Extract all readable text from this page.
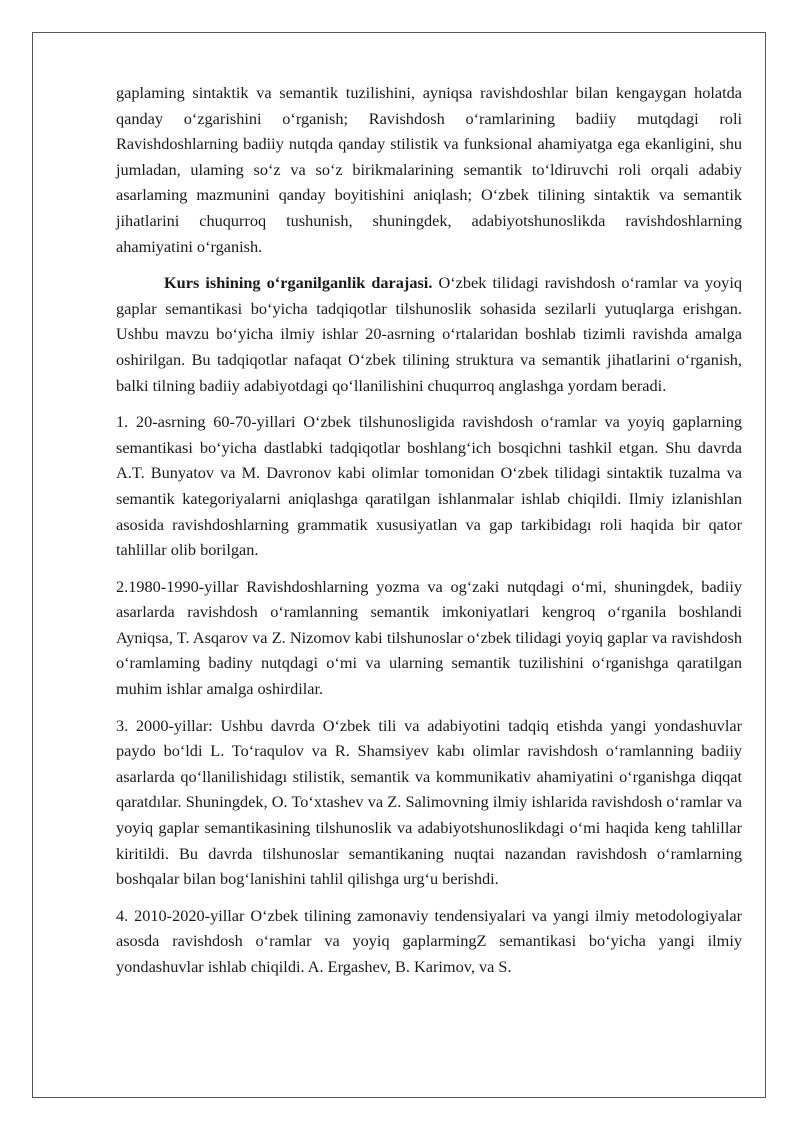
gaplaming sintaktik va semantik tuzilishini, ayniqsa ravishdoshlar bilan kengaygan holatda qanday o‘zgarishini o‘rganish; Ravishdosh o‘ramlarining badiiy mutqdagi roli Ravishdoshlarning badiiy nutqda qanday stilistik va funksional ahamiyatga ega ekanligini, shu jumladan, ulaming so‘z va so‘z birikmalarining semantik to‘ldiruvchi roli orqali adabiy asarlaming mazmunini qanday boyitishini aniqlash; O‘zbek tilining sintaktik va semantik jihatlarini chuqurroq tushunish, shuningdek, adabiyotshunoslikda ravishdoshlarning ahamiyatini o‘rganish.

Kurs ishining o‘rganilganlik darajasi. O‘zbek tilidagi ravishdosh o‘ramlar va yoyiq gaplar semantikasi bo‘yicha tadqiqotlar tilshunoslik sohasida sezilarli yutuqlarga erishgan. Ushbu mavzu bo‘yicha ilmiy ishlar 20-asrning o‘rtalaridan boshlab tizimli ravishda amalga oshirilgan. Bu tadqiqotlar nafaqat O‘zbek tilining struktura va semantik jihatlarini o‘rganish, balki tilning badiiy adabiyotdagi qo‘llanilishini chuqurroq anglashga yordam beradi.

1. 20-asrning 60-70-yillari O‘zbek tilshunosligida ravishdosh o‘ramlar va yoyiq gaplarning semantikasi bo‘yicha dastlabki tadqiqotlar boshlang‘ich bosqichni tashkil etgan. Shu davrda A.T. Bunyatov va M. Davronov kabi olimlar tomonidan O‘zbek tilidagi sintaktik tuzalma va semantik kategoriyalarni aniqlashga qaratilgan ishlanmalar ishlab chiqildi. Ilmiy izlanishlan asosida ravishdoshlarning grammatik xususiyatlan va gap tarkibidagı roli haqida bir qator tahlillar olib borilgan.

2.1980-1990-yillar Ravishdoshlarning yozma va og‘zaki nutqdagi o‘mi, shuningdek, badiiy asarlarda ravishdosh o‘ramlanning semantik imkoniyatlari kengroq o‘rganila boshlandi Ayniqsa, T. Asqarov va Z. Nizomov kabi tilshunoslar o‘zbek tilidagi yoyiq gaplar va ravishdosh o‘ramlaming badiny nutqdagi o‘mi va ularning semantik tuzilishini o‘rganishga qaratilgan muhim ishlar amalga oshirdilar.

3. 2000-yillar: Ushbu davrda O‘zbek tili va adabiyotini tadqiq etishda yangi yondashuvlar paydo bo‘ldi L. To‘raqulov va R. Shamsiyev kabı olimlar ravishdosh o‘ramlanning badiiy asarlarda qo‘llanilishidagı stilistik, semantik va kommunikativ ahamiyatini o‘rganishga diqqat qaratdılar. Shuningdek, O. To‘xtashev va Z. Salimovning ilmiy ishlarida ravishdosh o‘ramlar va yoyiq gaplar semantikasining tilshunoslik va adabiyotshunoslikdagi o‘mi haqida keng tahlillar kiritildi. Bu davrda tilshunoslar semantikaning nuqtai nazandan ravishdosh o‘ramlarning boshqalar bilan bog‘lanishini tahlil qilishga urg‘u berishdi.

4. 2010-2020-yillar O‘zbek tilining zamonaviy tendensiyalari va yangi ilmiy metodologiyalar asosda ravishdosh o‘ramlar va yoyiq gaplarmingZ semantikasi bo‘yicha yangi ilmiy yondashuvlar ishlab chiqildi. A. Ergashev, B. Karimov, va S.
